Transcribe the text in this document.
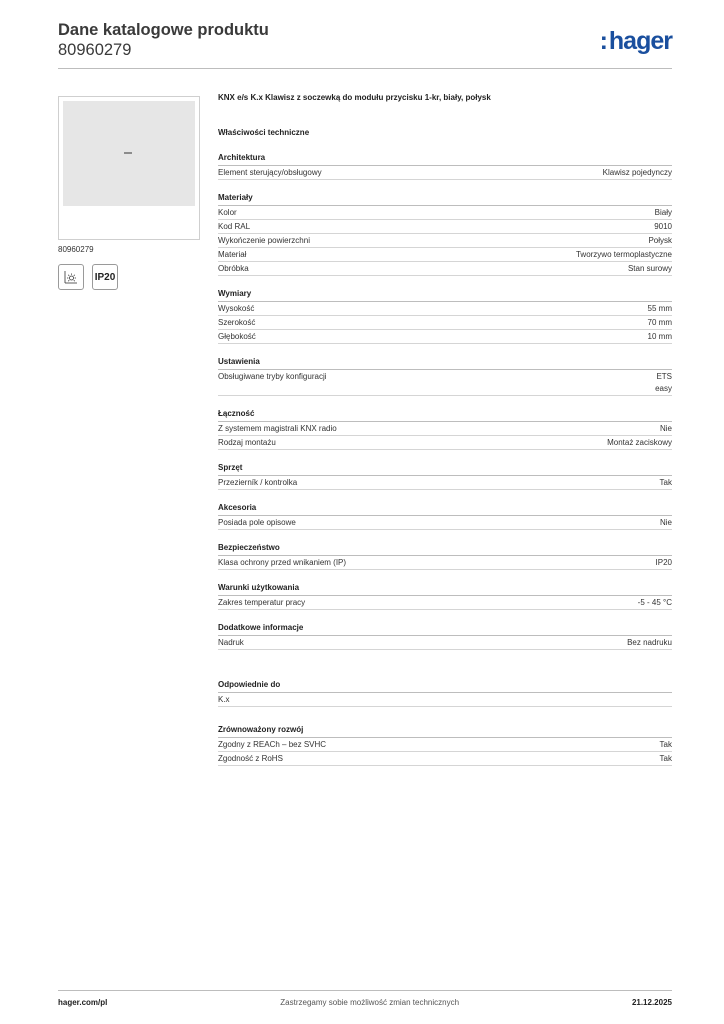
Dane katalogowe produktu
80960279	:hager
80960279
IP20
KNX e/s K.x Klawisz z soczewką do modułu przycisku 1-kr, biały, połysk
Właściwości techniczne
Architektura
Element sterujący/obsługowy	Klawisz pojedynczy
Materiały
Kolor	Biały
Kod RAL	9010
Wykończenie powierzchni	Połysk
Materiał	Tworzywo termoplastyczne
Obróbka	Stan surowy
Wymiary
Wysokość	55 mm
Szerokość	70 mm
Głębokość	10 mm
Ustawienia
Obsługiwane tryby konfiguracji	ETS
easy
Łączność
Z systemem magistrali KNX radio	Nie
Rodzaj montażu	Montaż zaciskowy
Sprzęt
Przezierník / kontrolka	Tak
Akcesoria
Posiada pole opisowe	Nie
Bezpieczeństwo
Klasa ochrony przed wnikaniem (IP)	IP20
Warunki użytkowania
Zakres temperatur pracy	-5 - 45 °C
Dodatkowe informacje
Nadruk	Bez nadruku
Odpowiednie do
K.x
Zrównoważony rozwój
Zgodny z REACh – bez SVHC	Tak
Zgodność z RoHS	Tak
hager.com/pl	Zastrzegamy sobie możliwość zmian technicznych	21.12.2025
